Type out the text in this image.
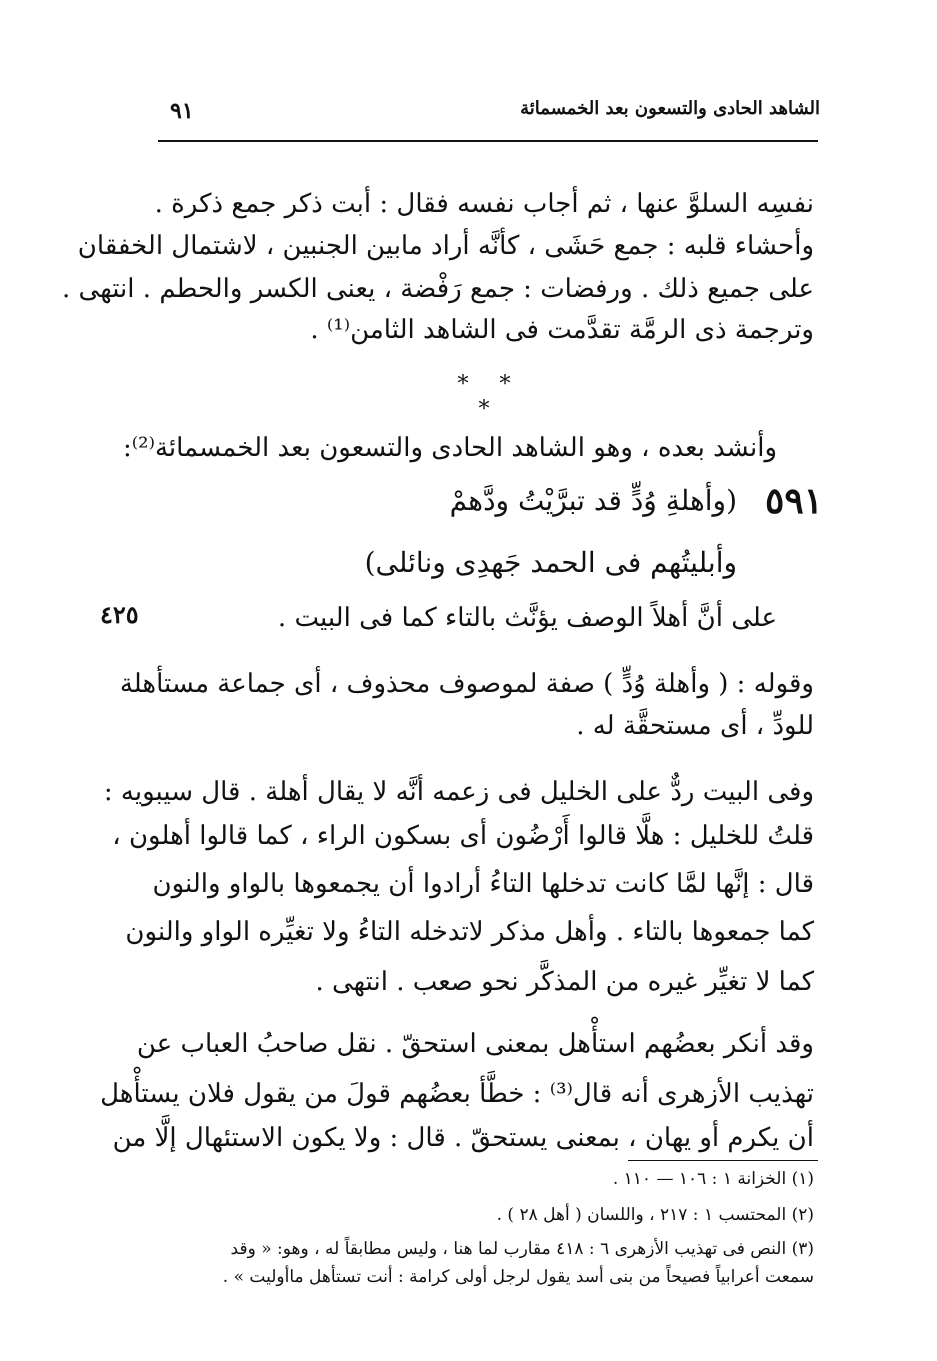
الشاهد الحادى والتسعون بعد الخمسمائة
٩١
نفسِه السلوَّ عنها ، ثم أجاب نفسه فقال : أبت ذكر جمع ذكرة .
وأحشاء قلبه : جمع حَشَى ، كأنَّه أراد مابين الجنبين ، لاشتمال الخفقان
على جميع ذلك . ورفضات : جمع رَفْضة ، يعنى الكسر والحطم . انتهى .
وترجمة ذى الرمَّة تقدَّمت فى الشاهد الثامن⁽¹⁾ .
* * *
وأنشد بعده ، وهو الشاهد الحادى والتسعون بعد الخمسمائة⁽²⁾:
٥٩١
(وأهلةِ وُدٍّ قد تبرَّيْتُ ودَّهمْ
وأبليتُهم فى الحمد جَهدِى ونائلى)
٤٢٥	على أنَّ أهلاً الوصف يؤنَّث بالتاء كما فى البيت .
وقوله : ( وأهلة وُدٍّ ) صفة لموصوف محذوف ، أى جماعة مستأهلة
للودِّ ، أى مستحقَّة له .
وفى البيت ردٌّ على الخليل فى زعمه أنَّه لا يقال أهلة . قال سيبويه :
قلتُ للخليل : هلَّا قالوا أَرْضُون أى بسكون الراء ، كما قالوا أهلون ،
قال : إنَّها لمَّا كانت تدخلها التاءُ أرادوا أن يجمعوها بالواو والنون
كما جمعوها بالتاء . وأهل مذكر لاتدخله التاءُ ولا تغيِّره الواو والنون
كما لا تغيِّر غيره من المذكَّر نحو صعب . انتهى .
وقد أنكر بعضُهم استأْهل بمعنى استحقّ . نقل صاحبُ العباب عن
تهذيب الأزهرى أنه قال⁽³⁾ : خطَّأ بعضُهم قولَ من يقول فلان يستأْهل
أن يكرم أو يهان ، بمعنى يستحقّ . قال : ولا يكون الاستئهال إلَّا من
(١) الخزانة ١ : ١٠٦ — ١١٠ .
(٢) المحتسب ١ : ٢١٧ ، واللسان ( أهل ٢٨ ) .
(٣) النص فى تهذيب الأزهرى ٦ : ٤١٨ مقارب لما هنا ، وليس مطابقاً له ، وهو: « وقد
سمعت أعرابياً فصيحاً من بنى أسد يقول لرجل أولى كرامة : أنت تستأهل ماأوليت » .
